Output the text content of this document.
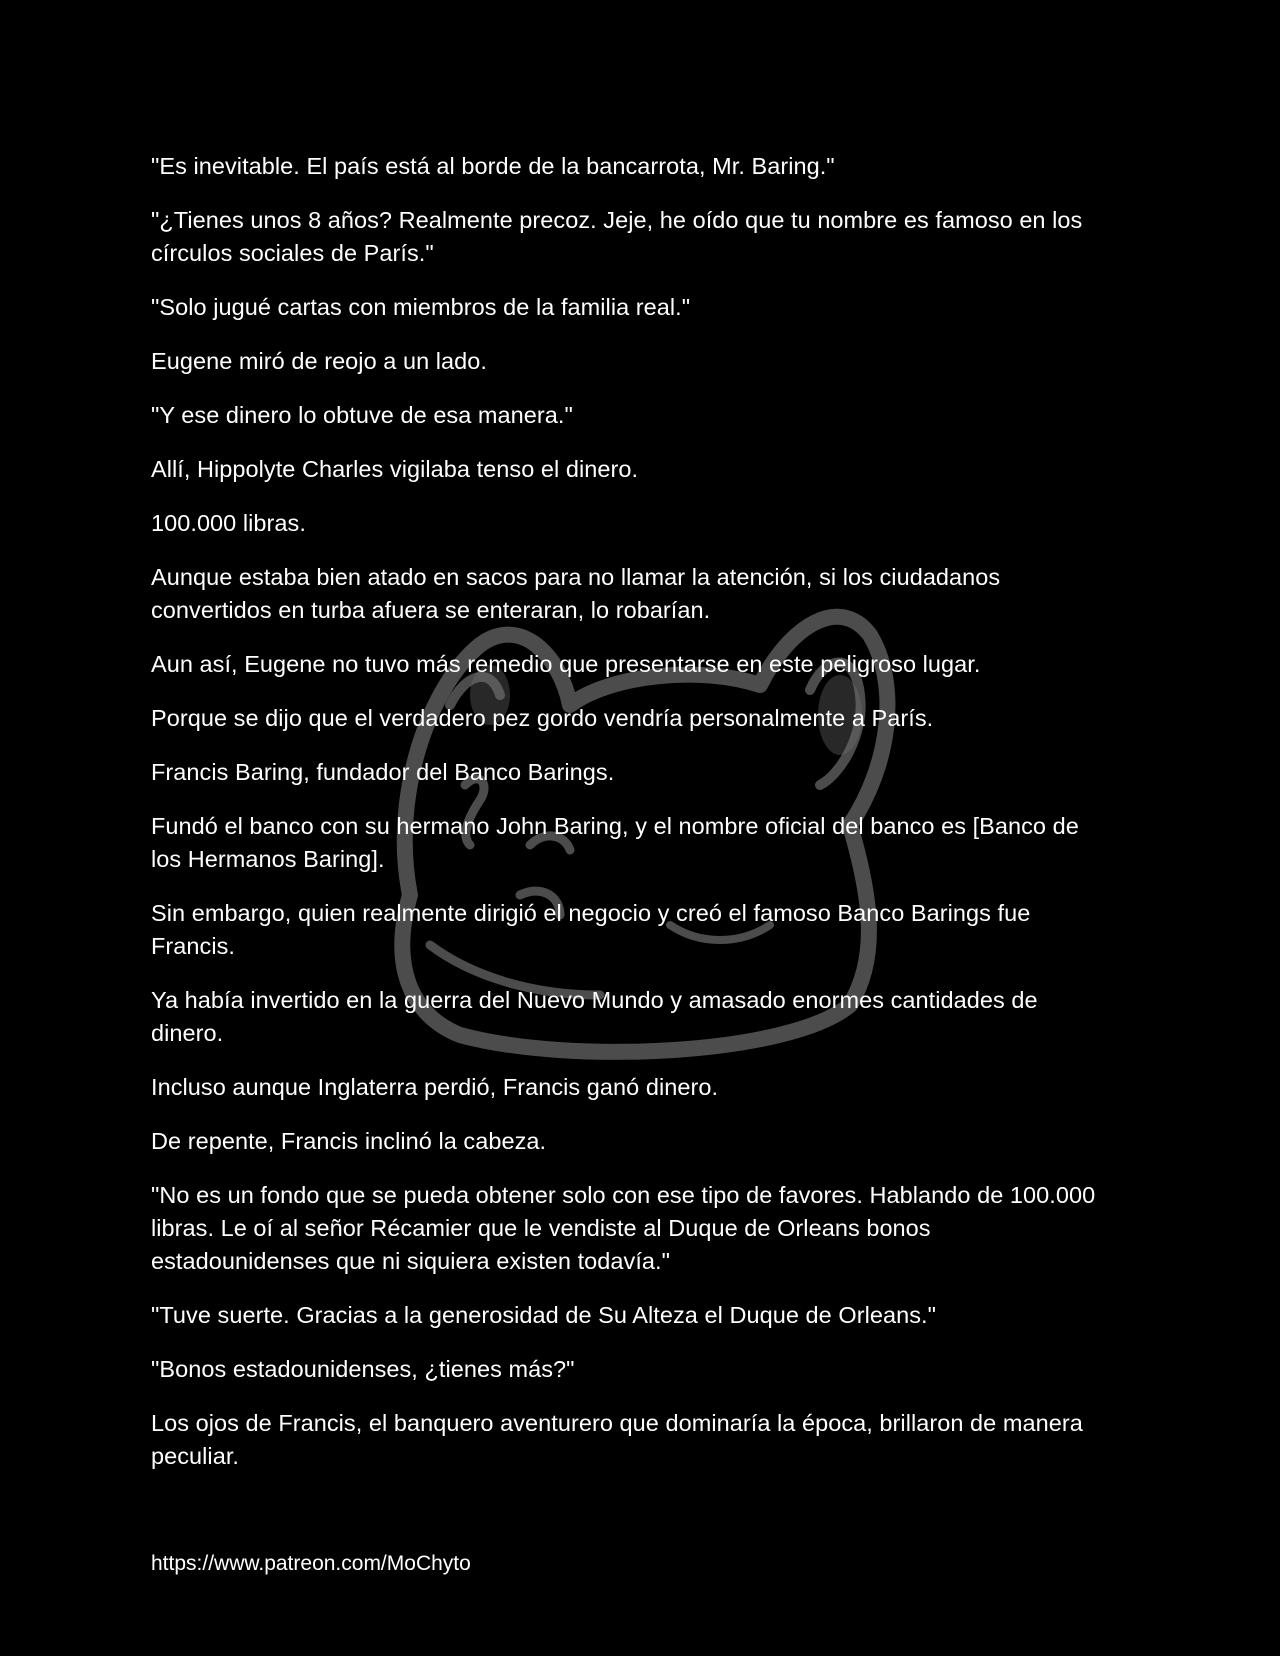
"Es inevitable. El país está al borde de la bancarrota, Mr. Baring."

"¿Tienes unos 8 años? Realmente precoz. Jeje, he oído que tu nombre es famoso en los círculos sociales de París."

"Solo jugué cartas con miembros de la familia real."

Eugene miró de reojo a un lado.

"Y ese dinero lo obtuve de esa manera."

Allí, Hippolyte Charles vigilaba tenso el dinero.

100.000 libras.

Aunque estaba bien atado en sacos para no llamar la atención, si los ciudadanos convertidos en turba afuera se enteraran, lo robarían.

Aun así, Eugene no tuvo más remedio que presentarse en este peligroso lugar.

Porque se dijo que el verdadero pez gordo vendría personalmente a París.

Francis Baring, fundador del Banco Barings.

Fundó el banco con su hermano John Baring, y el nombre oficial del banco es [Banco de los Hermanos Baring].

Sin embargo, quien realmente dirigió el negocio y creó el famoso Banco Barings fue Francis.

Ya había invertido en la guerra del Nuevo Mundo y amasado enormes cantidades de dinero.

Incluso aunque Inglaterra perdió, Francis ganó dinero.

De repente, Francis inclinó la cabeza.

"No es un fondo que se pueda obtener solo con ese tipo de favores. Hablando de 100.000 libras. Le oí al señor Récamier que le vendiste al Duque de Orleans bonos estadounidenses que ni siquiera existen todavía."

"Tuve suerte. Gracias a la generosidad de Su Alteza el Duque de Orleans."

"Bonos estadounidenses, ¿tienes más?"

Los ojos de Francis, el banquero aventurero que dominaría la época, brillaron de manera peculiar.

https://www.patreon.com/MoChyto
